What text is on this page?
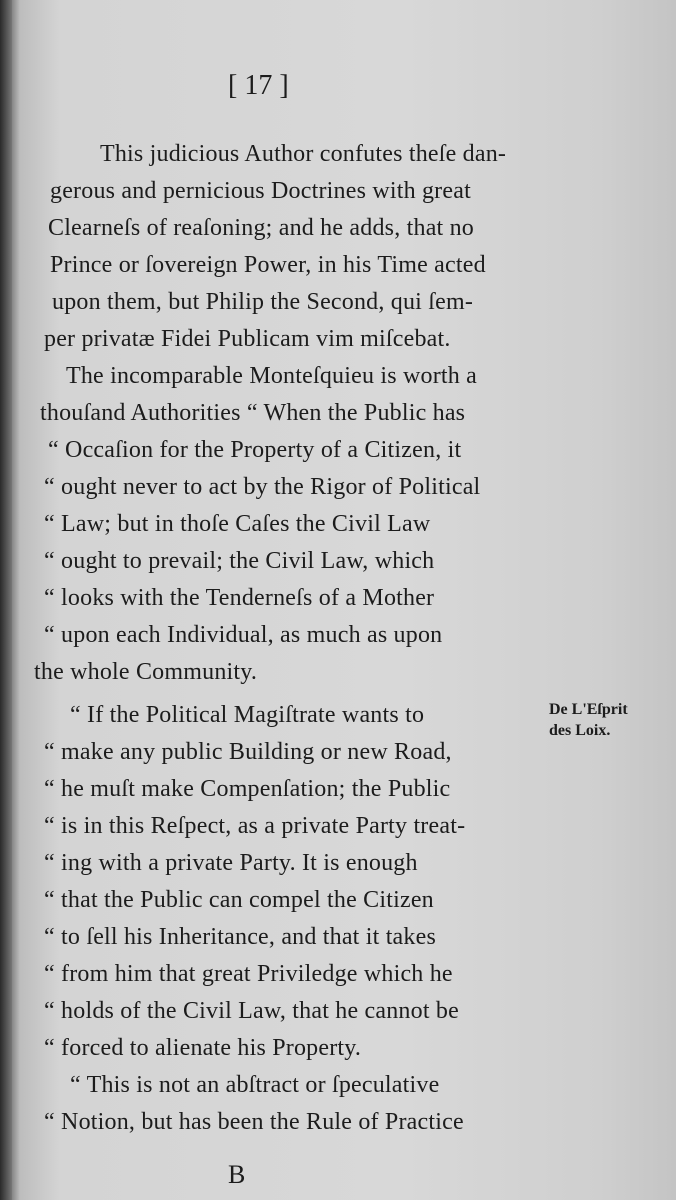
[ 17 ]
This judicious Author confutes theſe dan-
gerous and pernicious Doctrines with great
Clearneſs of reaſoning; and he adds, that no
Prince or ſovereign Power, in his Time acted
upon them, but Philip the Second, qui ſem-
per privatæ Fidei Publicam vim miſcebat.
The incomparable Monteſquieu is worth a
thouſand Authorities “ When the Public has
“ Occaſion for the Property of a Citizen, it
“ ought never to act by the Rigor of Political
“ Law; but in thoſe Caſes the Civil Law
“ ought to prevail; the Civil Law, which
“ looks with the Tenderneſs of a Mother
“ upon each Individual, as much as upon
the whole Community.
“ If the Political Magiſtrate wants to
“ make any public Building or new Road,
“ he muſt make Compenſation; the Public
“ is in this Reſpect, as a private Party treat-
“ ing with a private Party. It is enough
“ that the Public can compel the Citizen
“ to ſell his Inheritance, and that it takes
“ from him that great Priviledge which he
“ holds of the Civil Law, that he cannot be
“ forced to alienate his Property.
“ This is not an abſtract or ſpeculative
“ Notion, but has been the Rule of Practice
De L'Eſprit
des Loix.
B
